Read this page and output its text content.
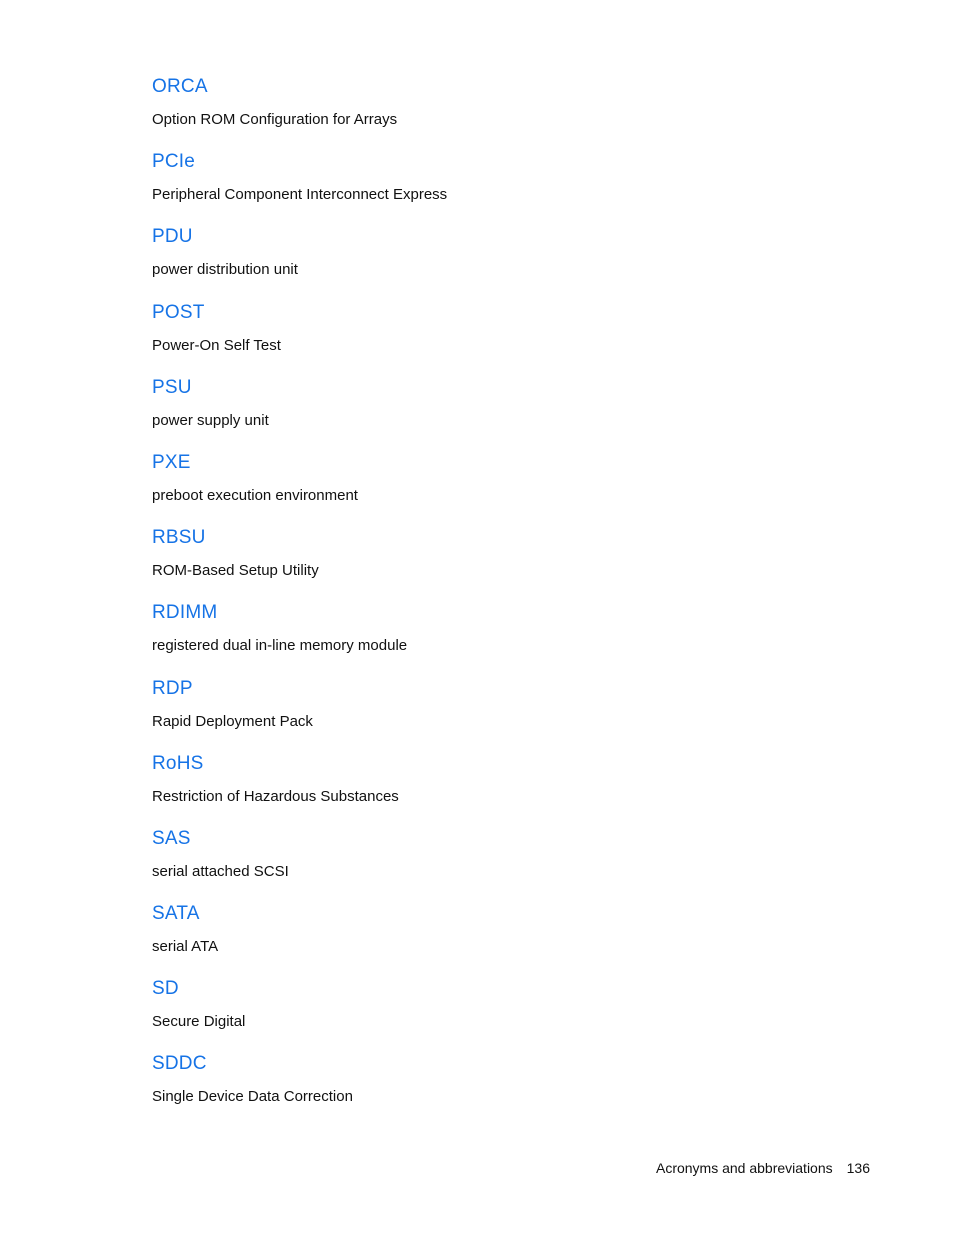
ORCA
Option ROM Configuration for Arrays
PCIe
Peripheral Component Interconnect Express
PDU
power distribution unit
POST
Power-On Self Test
PSU
power supply unit
PXE
preboot execution environment
RBSU
ROM-Based Setup Utility
RDIMM
registered dual in-line memory module
RDP
Rapid Deployment Pack
RoHS
Restriction of Hazardous Substances
SAS
serial attached SCSI
SATA
serial ATA
SD
Secure Digital
SDDC
Single Device Data Correction
Acronyms and abbreviations 136
